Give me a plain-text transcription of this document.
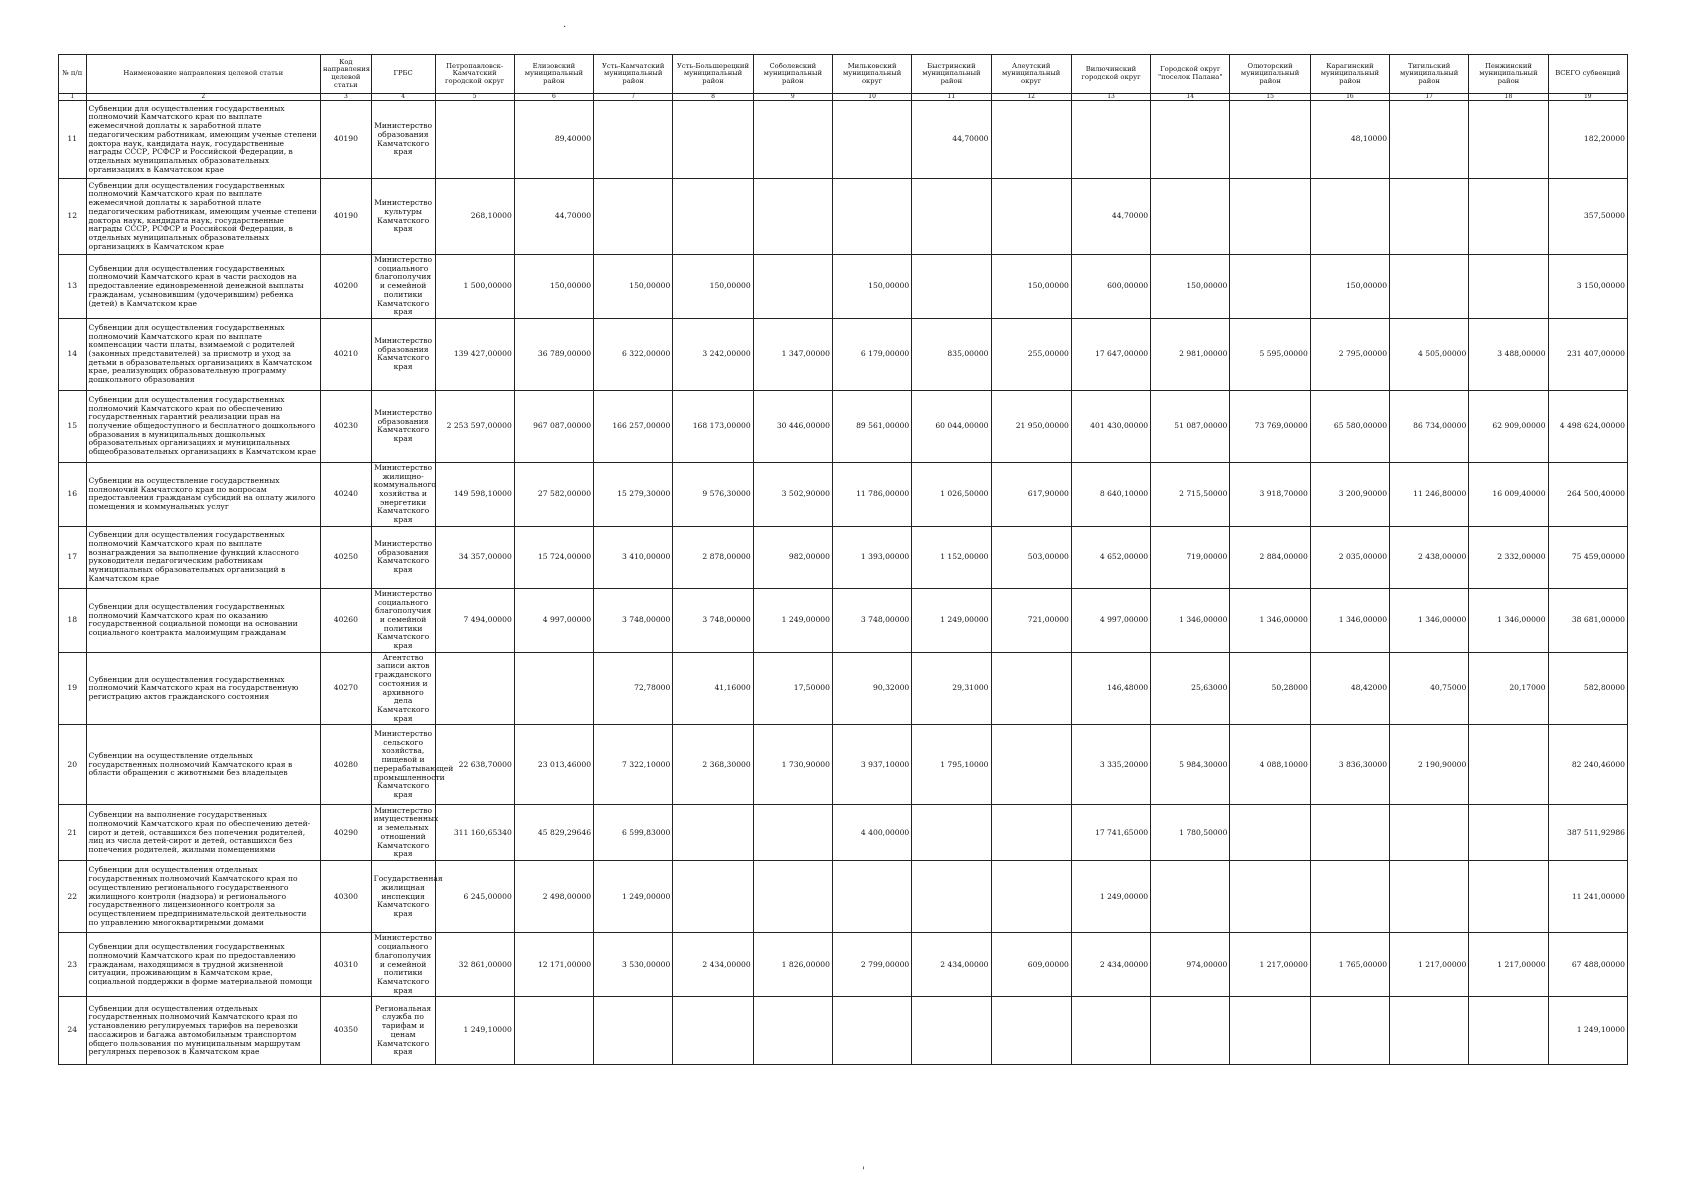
·
'
№ п/п	Наименование направления целевой статьи	Код направления целевой статьи	ГРБС	Петропавловск-Камчатский городской округ	Елизовский муниципальный район	Усть-Камчатский муниципальный район	Усть-Большерецкий муниципальный район	Соболевский муниципальный район	Мильковский муниципальный округ	Быстринский муниципальный район	Алеутский муниципальный округ	Вилючинский городской округ	Городской округ "поселок Палана"	Олюторский муниципальный район	Карагинский муниципальный район	Тигильский муниципальный район	Пенжинский муниципальный район	ВСЕГО субвенций
1	2	3	4	5	6	7	8	9	10	11	12	13	14	15	16	17	18	19
11	Субвенции для осуществления государственных полномочий Камчатского края по выплате ежемесячной доплаты к заработной плате педагогическим работникам, имеющим ученые степени доктора наук, кандидата наук, государственные награды СССР, РСФСР и Российской Федерации, в отдельных муниципальных образовательных организациях в Камчатском крае	40190	Министерство образования Камчатского края		89,40000					44,70000					48,10000			182,20000
12	Субвенции для осуществления государственных полномочий Камчатского края по выплате ежемесячной доплаты к заработной плате педагогическим работникам, имеющим ученые степени доктора наук, кандидата наук, государственные награды СССР, РСФСР и Российской Федерации, в отдельных муниципальных образовательных организациях в Камчатском крае	40190	Министерство культуры Камчатского края	268,10000	44,70000							44,70000						357,50000
13	Субвенции для осуществления государственных полномочий Камчатского края в части расходов на предоставление единовременной денежной выплаты гражданам, усыновившим (удочерившим) ребенка (детей) в Камчатском крае	40200	Министерство социального благополучия и семейной политики Камчатского края	1 500,00000	150,00000	150,00000	150,00000		150,00000		150,00000	600,00000	150,00000		150,00000			3 150,00000
14	Субвенции для осуществления государственных полномочий Камчатского края по выплате компенсации части платы, взимаемой с родителей (законных представителей) за присмотр и уход за детьми в образовательных организациях в Камчатском крае, реализующих образовательную программу дошкольного образования	40210	Министерство образования Камчатского края	139 427,00000	36 789,00000	6 322,00000	3 242,00000	1 347,00000	6 179,00000	835,00000	255,00000	17 647,00000	2 981,00000	5 595,00000	2 795,00000	4 505,00000	3 488,00000	231 407,00000
15	Субвенции для осуществления государственных полномочий Камчатского края по обеспечению государственных гарантий реализации прав на получение общедоступного и бесплатного дошкольного образования в муниципальных дошкольных образовательных организациях и муниципальных общеобразовательных организациях в Камчатском крае	40230	Министерство образования Камчатского края	2 253 597,00000	967 087,00000	166 257,00000	168 173,00000	30 446,00000	89 561,00000	60 044,00000	21 950,00000	401 430,00000	51 087,00000	73 769,00000	65 580,00000	86 734,00000	62 909,00000	4 498 624,00000
16	Субвенции на осуществление государственных полномочий Камчатского края по вопросам предоставления гражданам субсидий на оплату жилого помещения и коммунальных услуг	40240	Министерство жилищно-коммунального хозяйства и энергетики Камчатского края	149 598,10000	27 582,00000	15 279,30000	9 576,30000	3 502,90000	11 786,00000	1 026,50000	617,90000	8 640,10000	2 715,50000	3 918,70000	3 200,90000	11 246,80000	16 009,40000	264 500,40000
17	Субвенции для осуществления государственных полномочий Камчатского края по выплате вознаграждения за выполнение функций классного руководителя педагогическим работникам муниципальных образовательных организаций в Камчатском крае	40250	Министерство образования Камчатского края	34 357,00000	15 724,00000	3 410,00000	2 878,00000	982,00000	1 393,00000	1 152,00000	503,00000	4 652,00000	719,00000	2 884,00000	2 035,00000	2 438,00000	2 332,00000	75 459,00000
18	Субвенции для осуществления государственных полномочий Камчатского края по оказанию государственной социальной помощи на основании социального контракта малоимущим гражданам	40260	Министерство социального благополучия и семейной политики Камчатского края	7 494,00000	4 997,00000	3 748,00000	3 748,00000	1 249,00000	3 748,00000	1 249,00000	721,00000	4 997,00000	1 346,00000	1 346,00000	1 346,00000	1 346,00000	1 346,00000	38 681,00000
19	Субвенции для осуществления государственных полномочий Камчатского края на государственную регистрацию актов гражданского состояния	40270	Агентство записи актов гражданского состояния и архивного дела Камчатского края			72,78000	41,16000	17,50000	90,32000	29,31000		146,48000	25,63000	50,28000	48,42000	40,75000	20,17000	582,80000
20	Субвенции на осуществление отдельных государственных полномочий Камчатского края в области обращения с животными без владельцев	40280	Министерство сельского хозяйства, пищевой и перерабатывающей промышленности Камчатского края	22 638,70000	23 013,46000	7 322,10000	2 368,30000	1 730,90000	3 937,10000	1 795,10000		3 335,20000	5 984,30000	4 088,10000	3 836,30000	2 190,90000		82 240,46000
21	Субвенции на выполнение государственных полномочий Камчатского края по обеспечению детей-сирот и детей, оставшихся без попечения родителей, лиц из числа детей-сирот и детей, оставшихся без попечения родителей, жилыми помещениями	40290	Министерство имущественных и земельных отношений Камчатского края	311 160,65340	45 829,29646	6 599,83000			4 400,00000			17 741,65000	1 780,50000					387 511,92986
22	Субвенции для осуществления отдельных государственных полномочий Камчатского края по осуществлению регионального государственного жилищного контроля (надзора) и регионального государственного лицензионного контроля за осуществлением предпринимательской деятельности по управлению многоквартирными домами	40300	Государственная жилищная инспекция Камчатского края	6 245,00000	2 498,00000	1 249,00000						1 249,00000						11 241,00000
23	Субвенции для осуществления государственных полномочий Камчатского края по предоставлению гражданам, находящимся в трудной жизненной ситуации, проживающим в Камчатском крае, социальной поддержки в форме материальной помощи	40310	Министерство социального благополучия и семейной политики Камчатского края	32 861,00000	12 171,00000	3 530,00000	2 434,00000	1 826,00000	2 799,00000	2 434,00000	609,00000	2 434,00000	974,00000	1 217,00000	1 765,00000	1 217,00000	1 217,00000	67 488,00000
24	Субвенции для осуществления отдельных государственных полномочий Камчатского края по установлению регулируемых тарифов на перевозки пассажиров и багажа автомобильным транспортом общего пользования по муниципальным маршрутам регулярных перевозок в Камчатском крае	40350	Региональная служба по тарифам и ценам Камчатского края	1 249,10000														1 249,10000
